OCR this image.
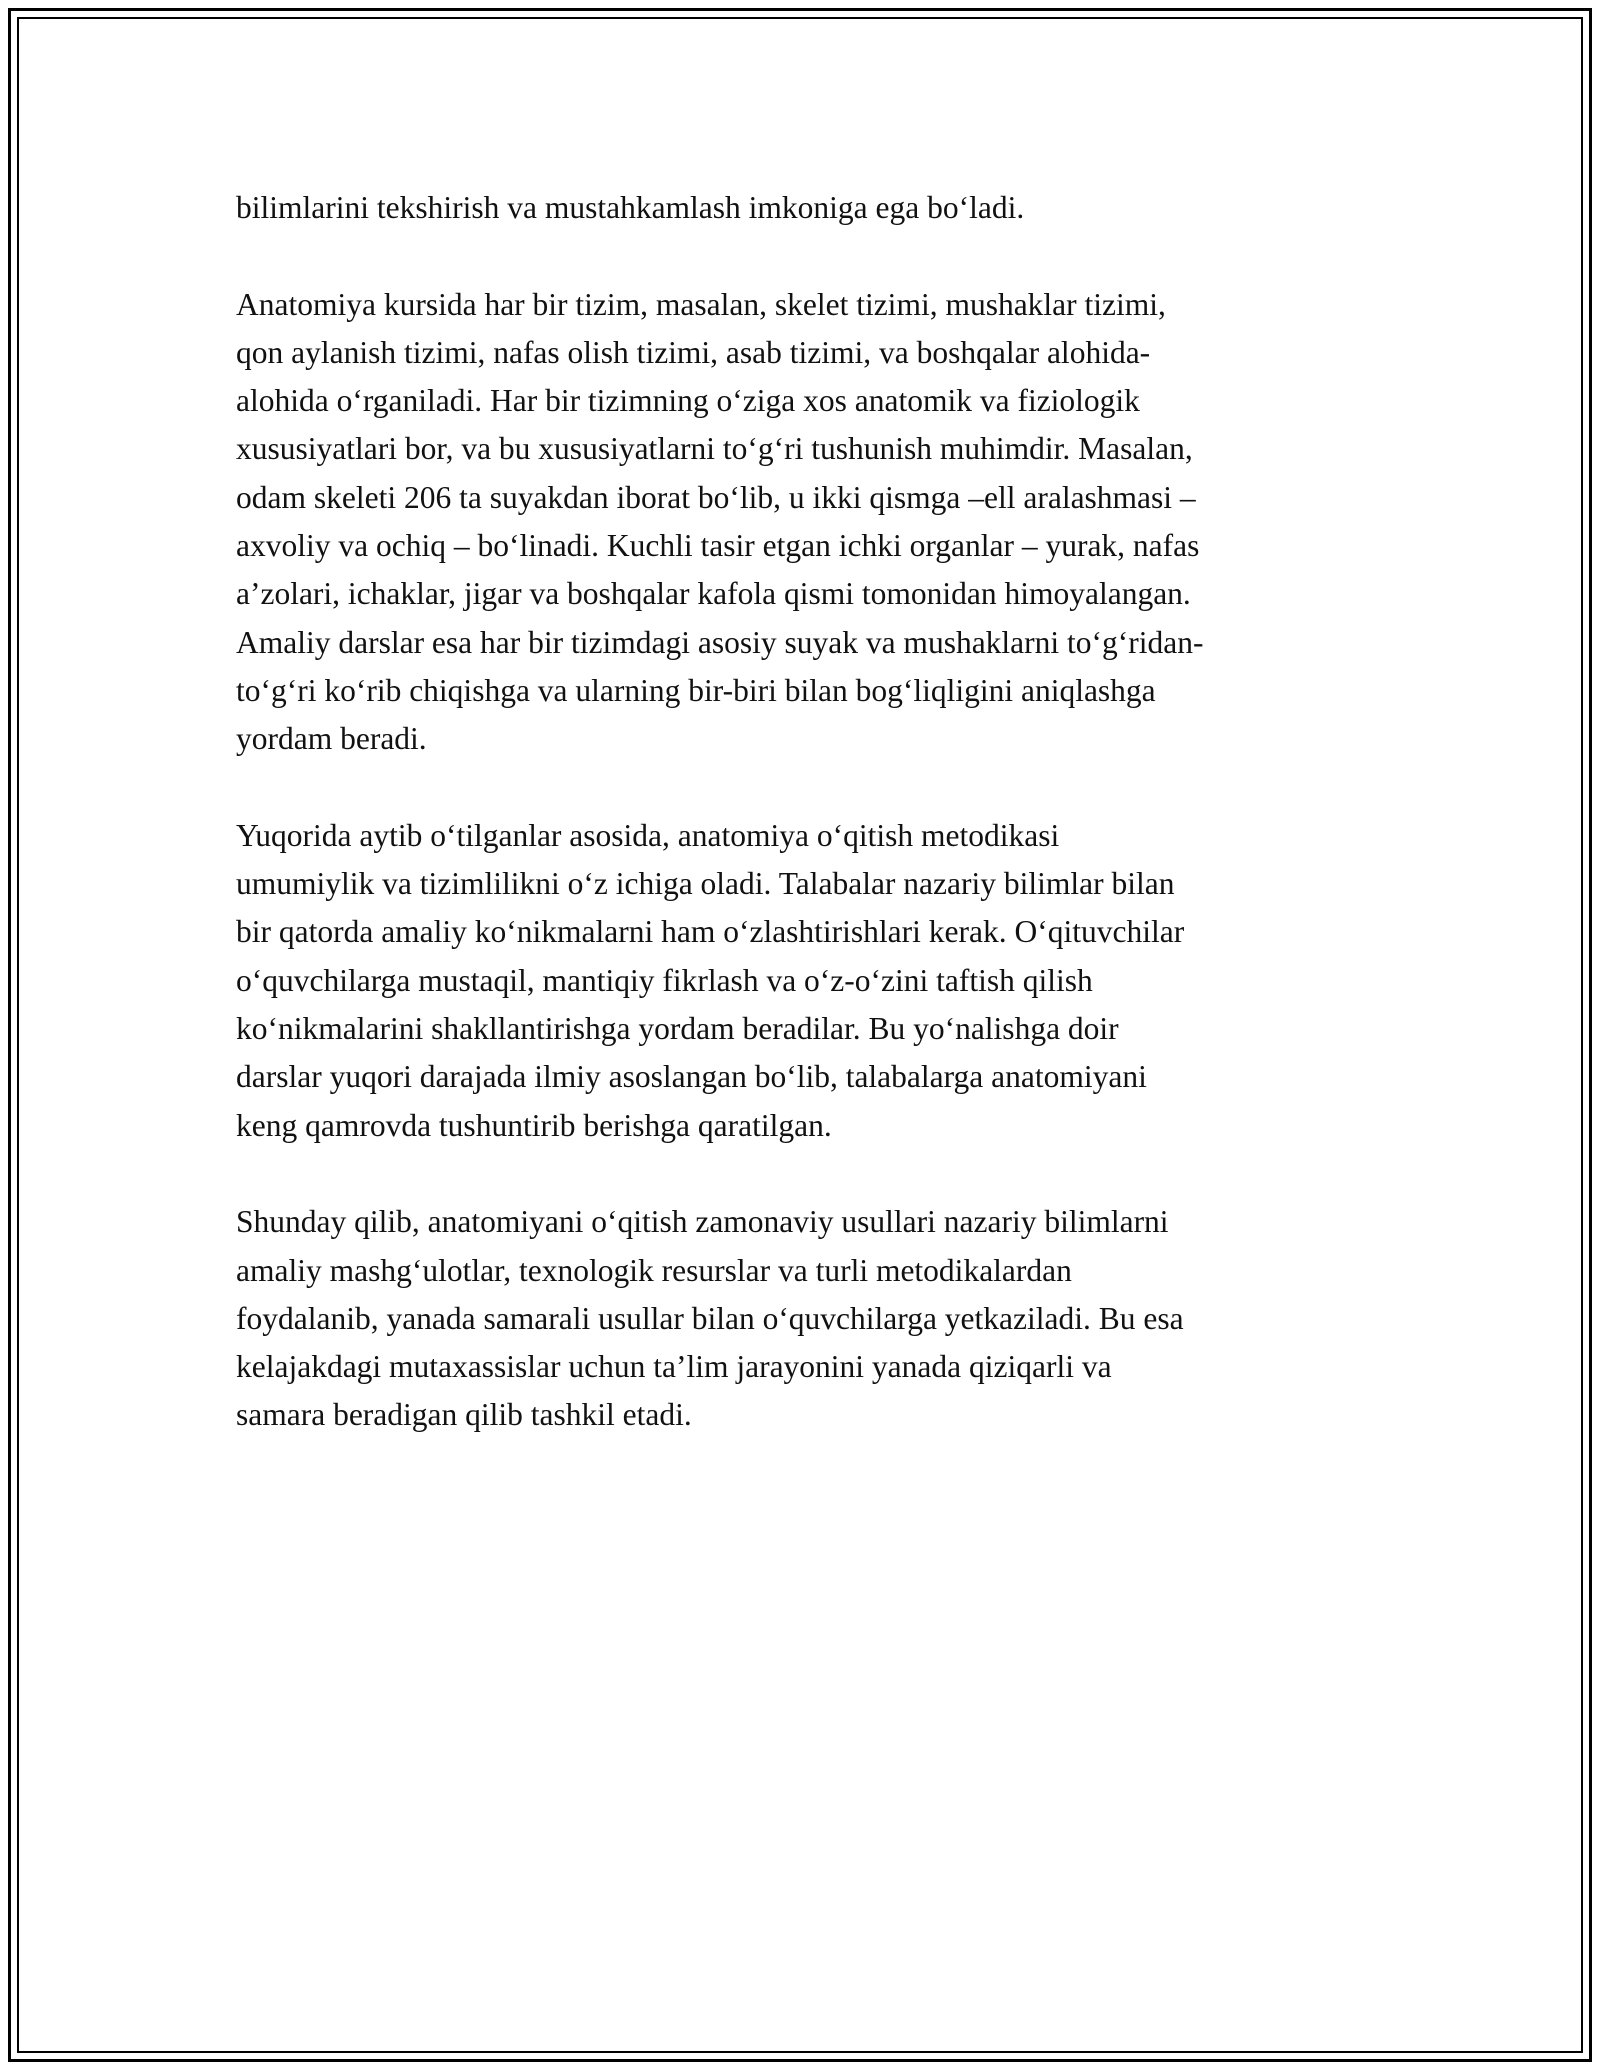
bilimlarini tekshirish va mustahkamlash imkoniga ega bo‘ladi.

Anatomiya kursida har bir tizim, masalan, skelet tizimi, mushaklar tizimi,
qon aylanish tizimi, nafas olish tizimi, asab tizimi, va boshqalar alohida-
alohida o‘rganiladi. Har bir tizimning o‘ziga xos anatomik va fiziologik
xususiyatlari bor, va bu xususiyatlarni to‘g‘ri tushunish muhimdir. Masalan,
odam skeleti 206 ta suyakdan iborat bo‘lib, u ikki qismga –ell aralashmasi –
axvoliy va ochiq – bo‘linadi. Kuchli tasir etgan ichki organlar – yurak, nafas
a’zolari, ichaklar, jigar va boshqalar kafola qismi tomonidan himoyalangan.
Amaliy darslar esa har bir tizimdagi asosiy suyak va mushaklarni to‘g‘ridan-
to‘g‘ri ko‘rib chiqishga va ularning bir-biri bilan bog‘liqligini aniqlashga
yordam beradi.

Yuqorida aytib o‘tilganlar asosida, anatomiya o‘qitish metodikasi
umumiylik va tizimlilikni o‘z ichiga oladi. Talabalar nazariy bilimlar bilan
bir qatorda amaliy ko‘nikmalarni ham o‘zlashtirishlari kerak. O‘qituvchilar
o‘quvchilarga mustaqil, mantiqiy fikrlash va o‘z-o‘zini taftish qilish
ko‘nikmalarini shakllantirishga yordam beradilar. Bu yo‘nalishga doir
darslar yuqori darajada ilmiy asoslangan bo‘lib, talabalarga anatomiyani
keng qamrovda tushuntirib berishga qaratilgan.

Shunday qilib, anatomiyani o‘qitish zamonaviy usullari nazariy bilimlarni
amaliy mashg‘ulotlar, texnologik resurslar va turli metodikalardan
foydalanib, yanada samarali usullar bilan o‘quvchilarga yetkaziladi. Bu esa
kelajakdagi mutaxassislar uchun ta’lim jarayonini yanada qiziqarli va
samara beradigan qilib tashkil etadi.
